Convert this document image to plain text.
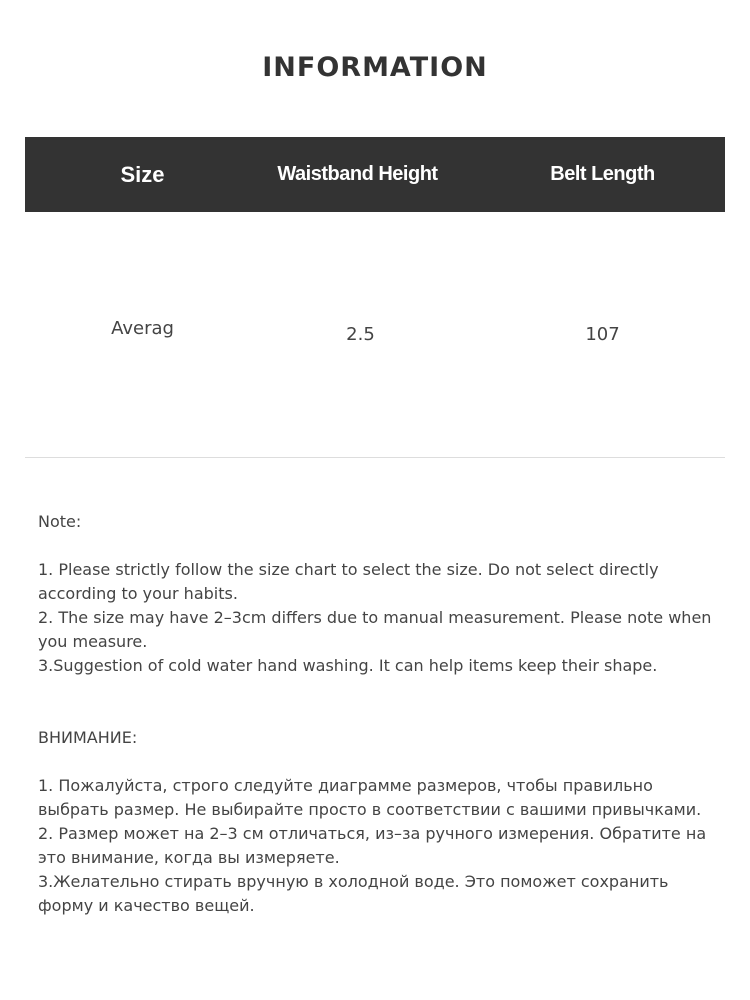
INFORMATION
Size	Waistband Height	Belt Length
Averag	2.5	107
Note:

1. Please strictly follow the size chart to select the size. Do not select directly according to your habits.

2. The size may have 2–3cm differs due to manual measurement. Please note when you measure.

3.Suggestion of cold water hand washing. It can help items keep their shape.

ВНИМАНИЕ:

1. Пожалуйста, строго следуйте диаграмме размеров, чтобы правильно выбрать размер. Не выбирайте просто в соответствии с вашими привычками.

2. Размер может на 2–3 см отличаться, из–за ручного измерения. Обратите на это внимание, когда вы измеряете.

3.Желательно стирать вручную в холодной воде. Это поможет сохранить форму и качество вещей.
